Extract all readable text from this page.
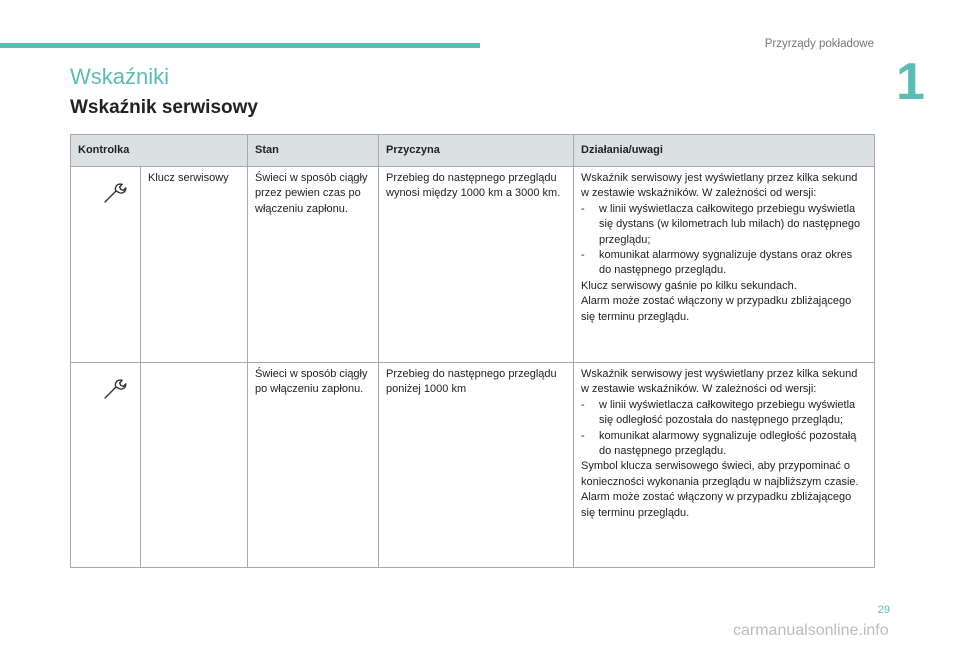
Przyrządy pokładowe
1
Wskaźniki
Wskaźnik serwisowy
Kontrolka		Stan	Przyczyna	Działania/uwagi

	Klucz serwisowy	Świeci w sposób ciągły przez pewien czas po włączeniu zapłonu.	Przebieg do następnego przeglądu wynosi między 1000 km a 3000 km.	Wskaźnik serwisowy jest wyświetlany przez kilka sekund w zestawie wskaźników. W zależności od wersji:
- w linii wyświetlacza całkowitego przebiegu wyświetla się dystans (w kilometrach lub milach) do następnego przeglądu;
- komunikat alarmowy sygnalizuje dystans oraz okres do następnego przeglądu.
Klucz serwisowy gaśnie po kilku sekundach.
Alarm może zostać włączony w przypadku zbliżającego się terminu przeglądu.

		Świeci w sposób ciągły po włączeniu zapłonu.	Przebieg do następnego przeglądu poniżej 1000 km	Wskaźnik serwisowy jest wyświetlany przez kilka sekund w zestawie wskaźników. W zależności od wersji:
- w linii wyświetlacza całkowitego przebiegu wyświetla się odległość pozostała do następnego przeglądu;
- komunikat alarmowy sygnalizuje odległość pozostałą do następnego przeglądu.
Symbol klucza serwisowego świeci, aby przypominać o konieczności wykonania przeglądu w najbliższym czasie.
Alarm może zostać włączony w przypadku zbliżającego się terminu przeglądu.
29
carmanualsonline.info
